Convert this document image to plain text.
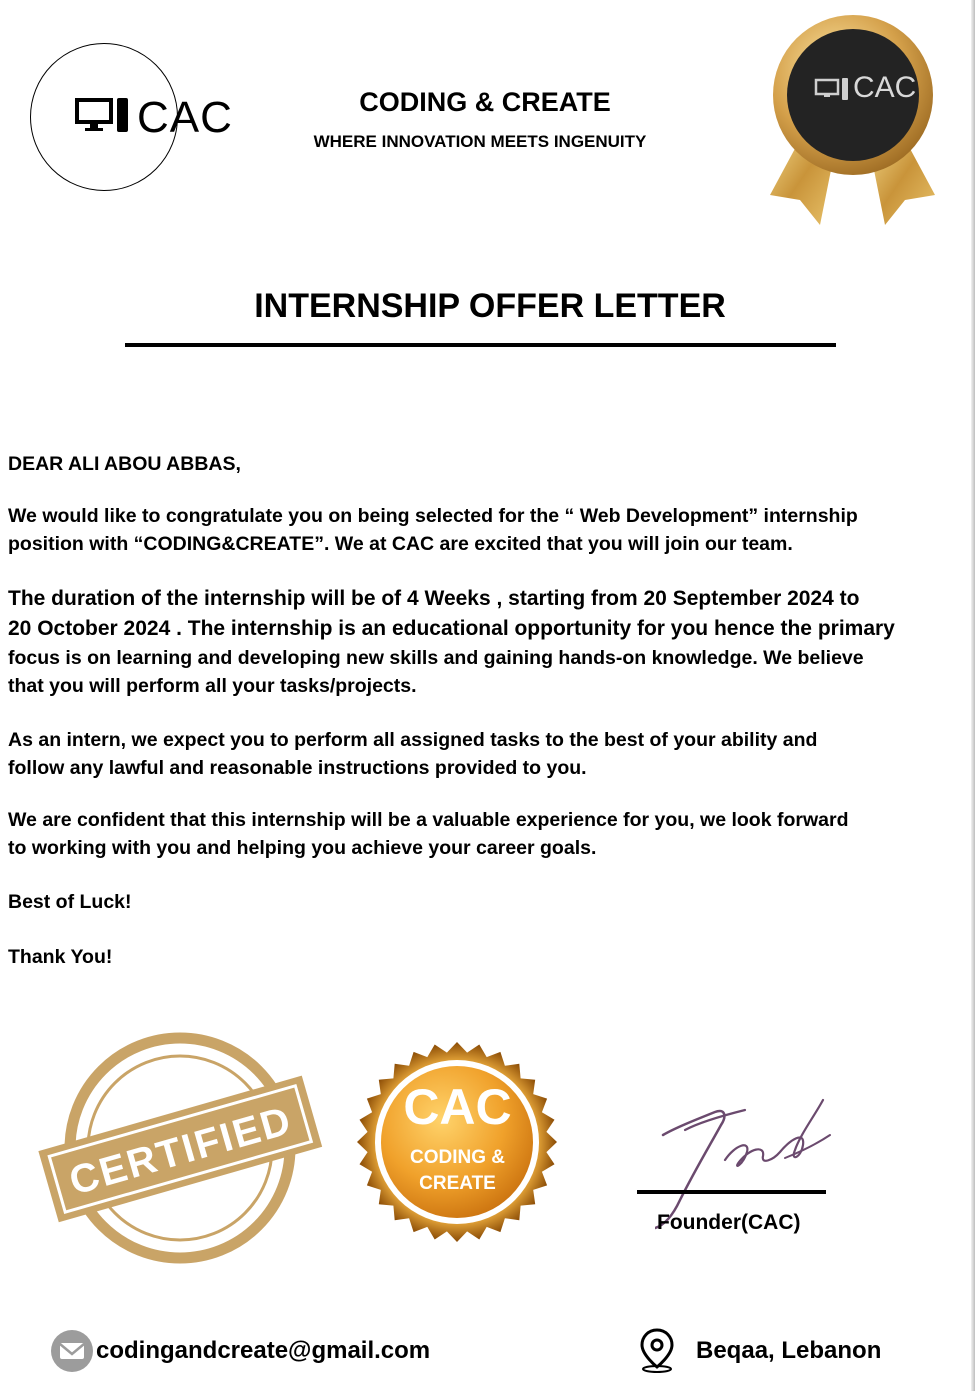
CAC	CODING & CREATE
WHERE INNOVATION MEETS INGENUITY
CAC
INTERNSHIP OFFER LETTER

DEAR ALI ABOU ABBAS,

We would like to congratulate you on being selected for the “ Web Development” internship

position with “CODING&CREATE”. We at CAC are excited that you will join our team.

The duration of the internship will be of 4 Weeks , starting from 20 September 2024 to

20 October 2024 . The internship is an educational opportunity for you hence the primary

focus is on learning and developing new skills and gaining hands-on knowledge. We believe

that you will perform all your tasks/projects.

As an intern, we expect you to perform all assigned tasks to the best of your ability and

follow any lawful and reasonable instructions provided to you.

We are confident that this internship will be a valuable experience for you, we look forward

to working with you and helping you achieve your career goals.

Best of Luck!

Thank You!

CERTIFIED	CAC
CODING &
CREATE
Founder(CAC)
codingandcreate@gmail.com	Beqaa, Lebanon
